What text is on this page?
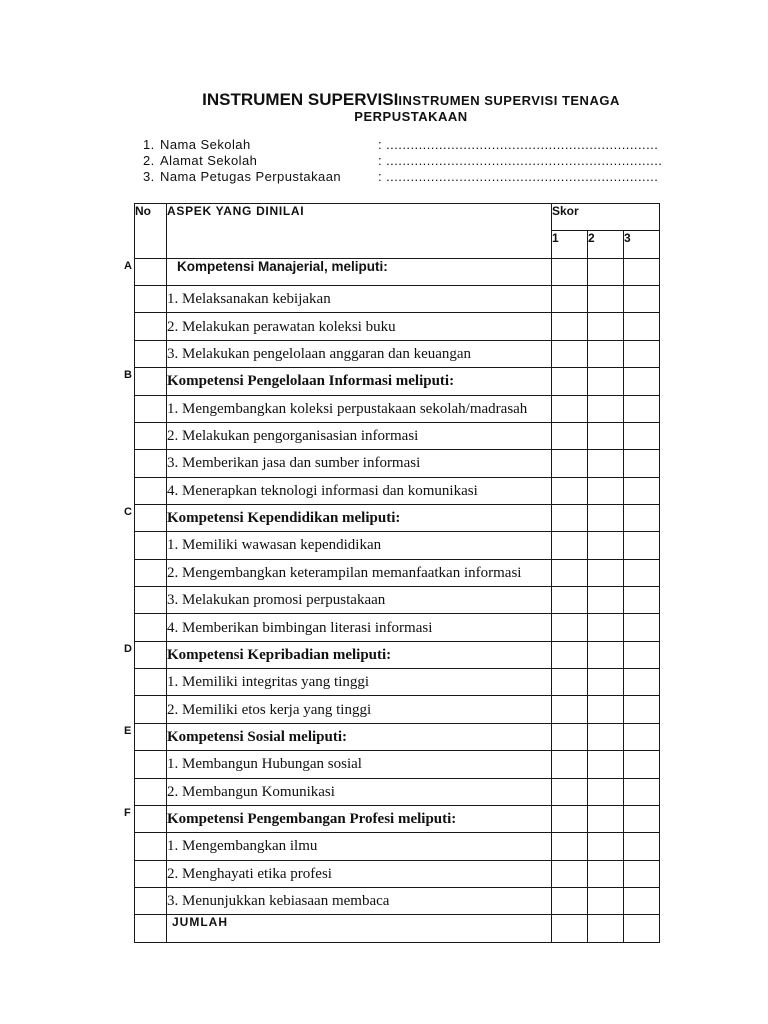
INSTRUMEN SUPERVISIINSTRUMEN SUPERVISI TENAGA
PERPUSTAKAAN
1. Nama Sekolah	: ...................................................................
2. Alamat Sekolah	: ....................................................................
3. Nama Petugas Perpustakaan	: ...................................................................
No	ASPEK YANG DINILAI	Skor		
		1	2	3

A	Kompetensi Manajerial, meliputi:			
	1. Melaksanakan kebijakan			
	2. Melakukan perawatan koleksi buku			
	3. Melakukan pengelolaan anggaran dan keuangan			

B	Kompetensi Pengelolaan Informasi meliputi:			
	1. Mengembangkan koleksi perpustakaan sekolah/madrasah			
	2. Melakukan pengorganisasian informasi			
	3. Memberikan jasa dan sumber informasi			
	4. Menerapkan teknologi informasi dan komunikasi			

C	Kompetensi Kependidikan meliputi:			
	1. Memiliki wawasan kependidikan			
	2. Mengembangkan keterampilan memanfaatkan informasi			
	3. Melakukan promosi perpustakaan			
	4. Memberikan bimbingan literasi informasi			

D	Kompetensi Kepribadian meliputi:			
	1. Memiliki integritas yang tinggi			
	2. Memiliki etos kerja yang tinggi			

E	Kompetensi Sosial meliputi:			
	1. Membangun Hubungan sosial			
	2. Membangun Komunikasi			

F	Kompetensi Pengembangan Profesi meliputi:			
	1. Mengembangkan ilmu			
	2. Menghayati etika profesi			
	3. Menunjukkan kebiasaan membaca			
	JUMLAH			
